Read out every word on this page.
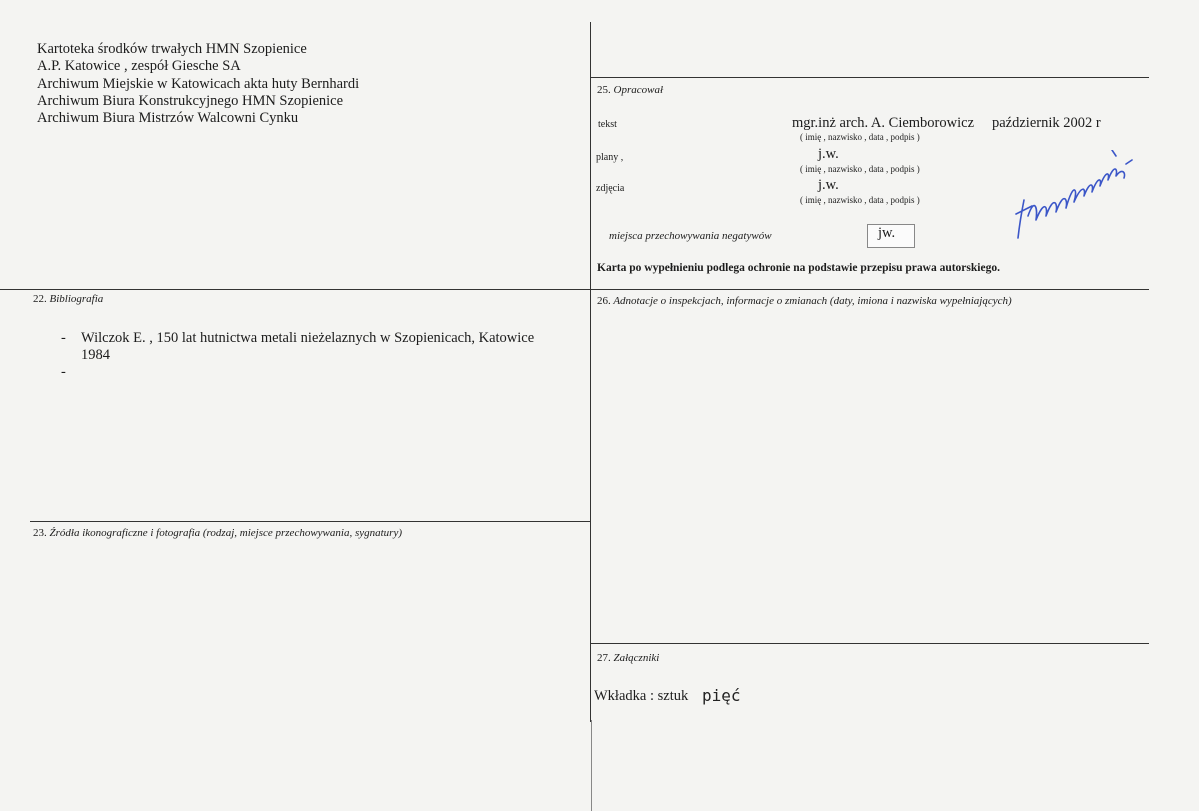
Kartoteka środków trwałych HMN Szopienice
A.P. Katowice , zespół Giesche SA
Archiwum Miejskie w Katowicach akta huty Bernhardi
Archiwum Biura Konstrukcyjnego HMN Szopienice
Archiwum Biura Mistrzów Walcowni Cynku
25. Opracował
tekst	mgr.inż arch. A. Ciemborowicz październik 2002 r
( imię , nazwisko , data , podpis )
plany ,	j.w.
( imię , nazwisko , data , podpis )
zdjęcia	j.w.
( imię , nazwisko , data , podpis )
miejsca przechowywania negatywów	jw.
Karta po wypełnieniu podlega ochronie na podstawie przepisu prawa autorskiego.
22. Bibliografia
- Wilczok E. , 150 lat hutnictwa metali nieżelaznych w Szopienicach, Katowice
1984
-
23. Źródła ikonograficzne i fotografia (rodzaj, miejsce przechowywania, sygnatury)
26. Adnotacje o inspekcjach, informacje o zmianach (daty, imiona i nazwiska wypełniających)
27. Załączniki
Wkładka : sztuk pięć
